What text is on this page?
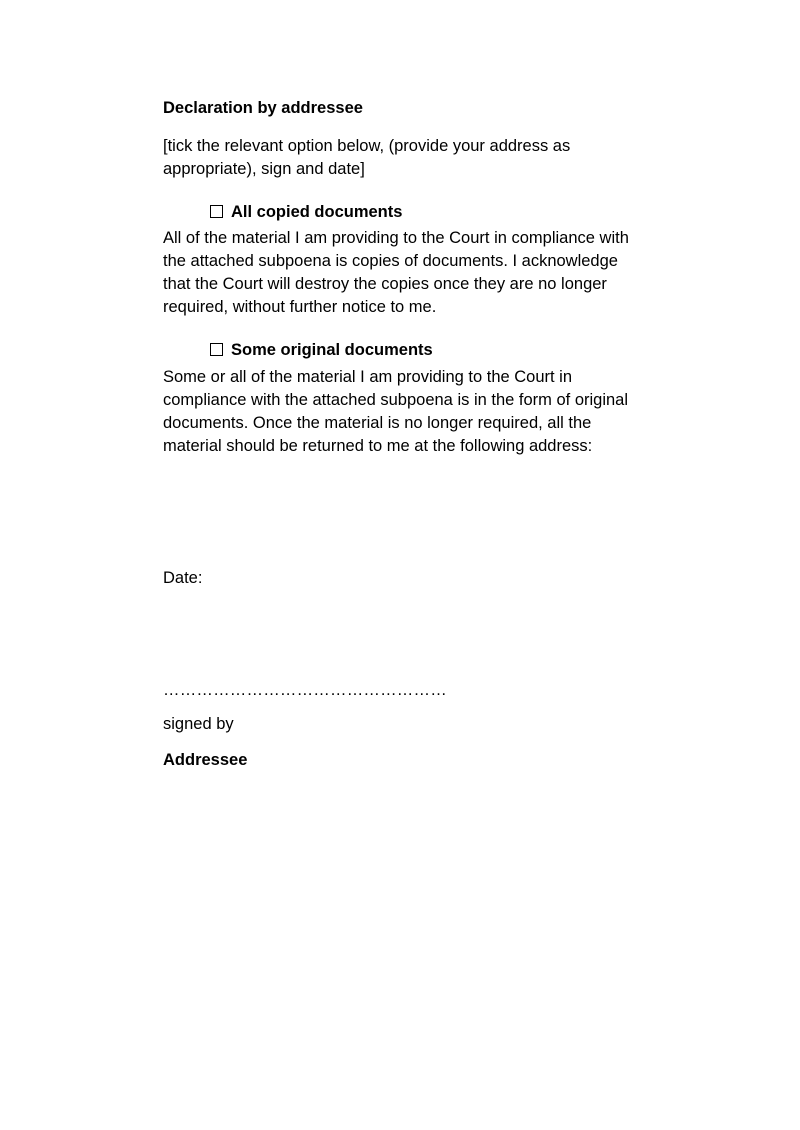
Declaration by addressee
[tick the relevant option below, (provide your address as appropriate), sign and date]
All copied documents
All of the material I am providing to the Court in compliance with the attached subpoena is copies of documents. I acknowledge that the Court will destroy the copies once they are no longer required, without further notice to me.
Some original documents
Some or all of the material I am providing to the Court in compliance with the attached subpoena is in the form of original documents. Once the material is no longer required, all the material should be returned to me at the following address:
Date:
……………………………………………
signed by
Addressee
